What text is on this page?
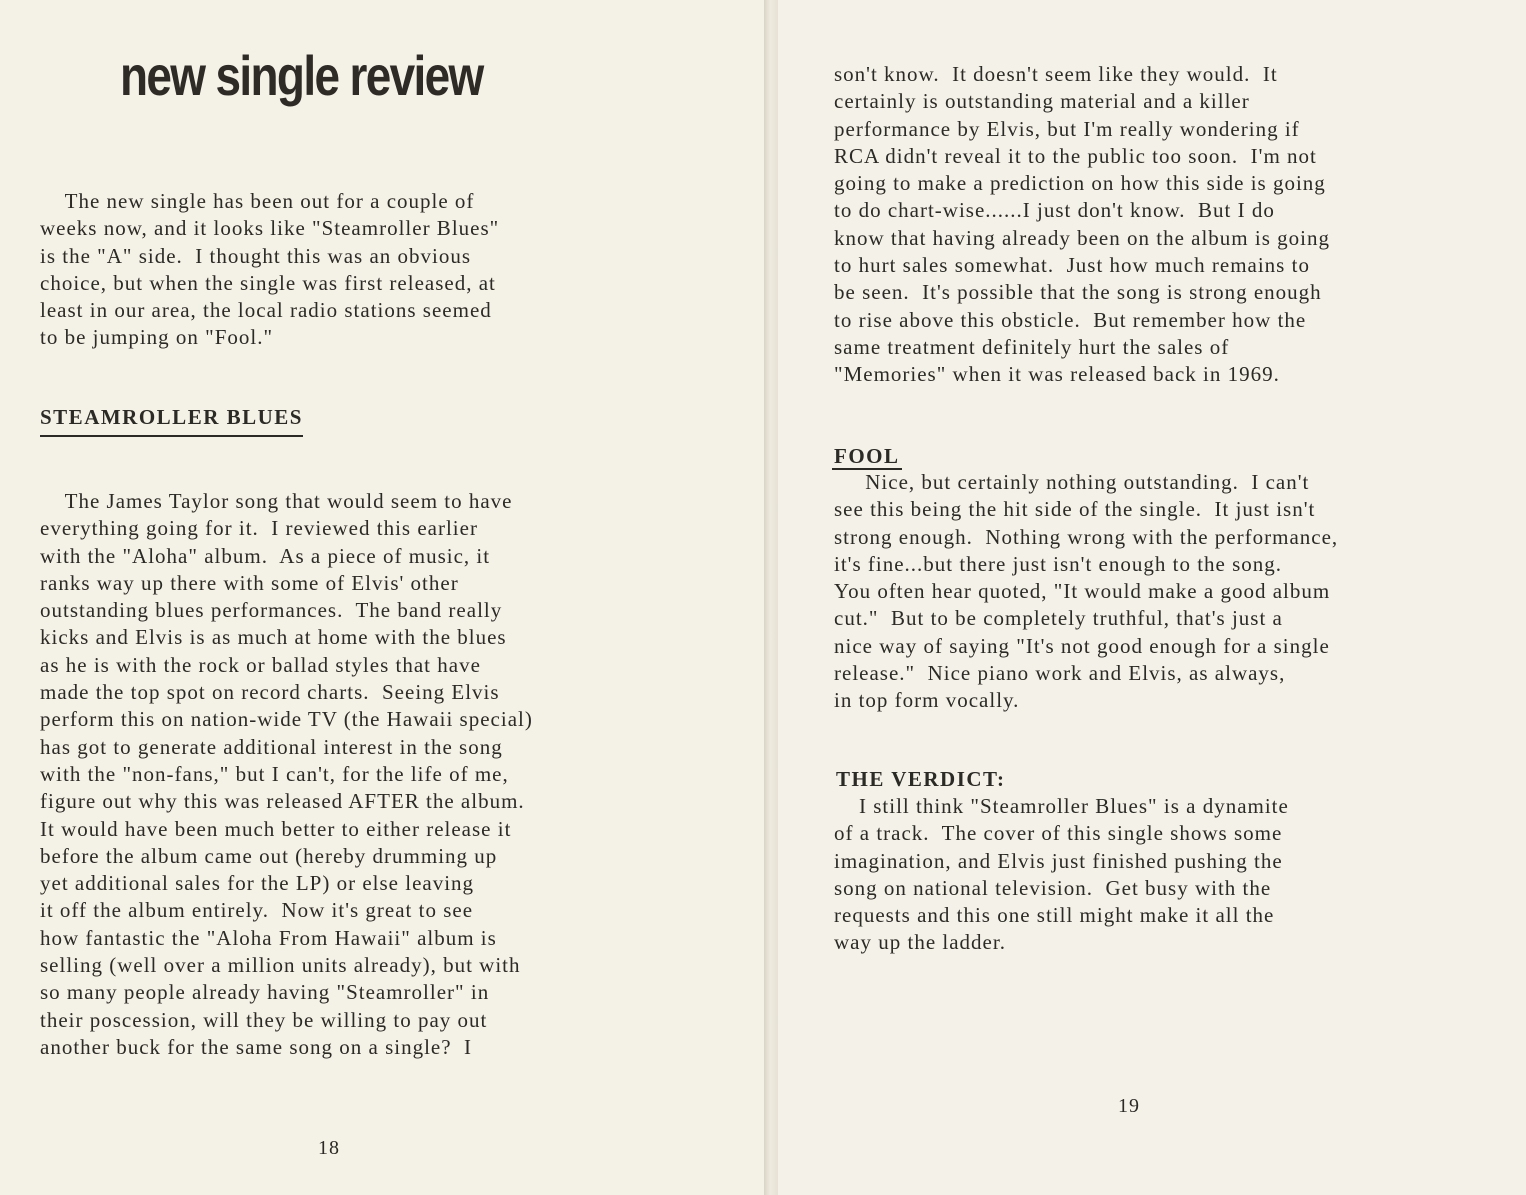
new single review

The new single has been out for a couple of
weeks now, and it looks like "Steamroller Blues"
is the "A" side.  I thought this was an obvious
choice, but when the single was first released, at
least in our area, the local radio stations seemed
to be jumping on "Fool."

STEAMROLLER BLUES

The James Taylor song that would seem to have
everything going for it.  I reviewed this earlier
with the "Aloha" album.  As a piece of music, it
ranks way up there with some of Elvis' other
outstanding blues performances.  The band really
kicks and Elvis is as much at home with the blues
as he is with the rock or ballad styles that have
made the top spot on record charts.  Seeing Elvis
perform this on nation-wide TV (the Hawaii special)
has got to generate additional interest in the song
with the "non-fans," but I can't, for the life of me,
figure out why this was released AFTER the album.
It would have been much better to either release it
before the album came out (hereby drumming up
yet additional sales for the LP) or else leaving
it off the album entirely.  Now it's great to see
how fantastic the "Aloha From Hawaii" album is
selling (well over a million units already), but with
so many people already having "Steamroller" in
their poscession, will they be willing to pay out
another buck for the same song on a single?  I

18

son't know.  It doesn't seem like they would.  It
certainly is outstanding material and a killer
performance by Elvis, but I'm really wondering if
RCA didn't reveal it to the public too soon.  I'm not
going to make a prediction on how this side is going
to do chart-wise......I just don't know.  But I do
know that having already been on the album is going
to hurt sales somewhat.  Just how much remains to
be seen.  It's possible that the song is strong enough
to rise above this obsticle.  But remember how the
same treatment definitely hurt the sales of
"Memories" when it was released back in 1969.

FOOL

Nice, but certainly nothing outstanding.  I can't
see this being the hit side of the single.  It just isn't
strong enough.  Nothing wrong with the performance,
it's fine...but there just isn't enough to the song.
You often hear quoted, "It would make a good album
cut."  But to be completely truthful, that's just a
nice way of saying "It's not good enough for a single
release."  Nice piano work and Elvis, as always,
in top form vocally.

THE VERDICT:

I still think "Steamroller Blues" is a dynamite
of a track.  The cover of this single shows some
imagination, and Elvis just finished pushing the
song on national television.  Get busy with the
requests and this one still might make it all the
way up the ladder.

19
